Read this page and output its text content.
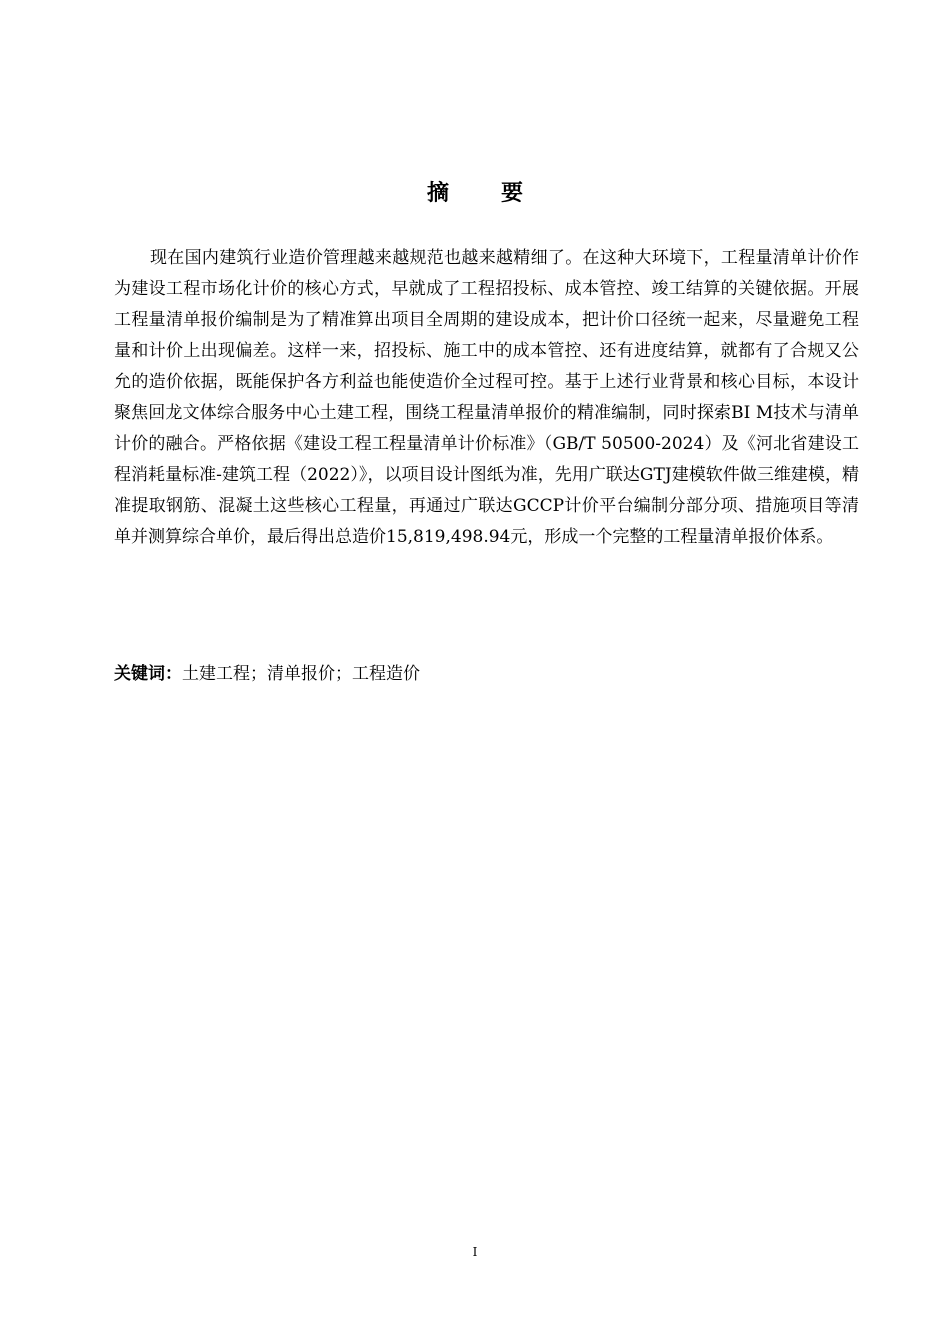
摘 要

现在国内建筑行业造价管理越来越规范也越来越精细了。在这种大环境下，工程量清单计价作为建设工程市场化计价的核心方式，早就成了工程招投标、成本管控、竣工结算的关键依据。开展工程量清单报价编制是为了精准算出项目全周期的建设成本，把计价口径统一起来，尽量避免工程量和计价上出现偏差。这样一来，招投标、施工中的成本管控、还有进度结算，就都有了合规又公允的造价依据，既能保护各方利益也能使造价全过程可控。基于上述行业背景和核心目标，本设计聚焦回龙文体综合服务中心土建工程，围绕工程量清单报价的精准编制，同时探索BI M技术与清单计价的融合。严格依据《建设工程工程量清单计价标准》（GB/T 50500-2024）及《河北省建设工程消耗量标准-建筑工程（2022）》，以项目设计图纸为准，先用广联达GTJ建模软件做三维建模，精准提取钢筋、混凝土这些核心工程量，再通过广联达GCCP计价平台编制分部分项、措施项目等清单并测算综合单价，最后得出总造价15,819,498.94元，形成一个完整的工程量清单报价体系。

关键词：土建工程；清单报价；工程造价

I
